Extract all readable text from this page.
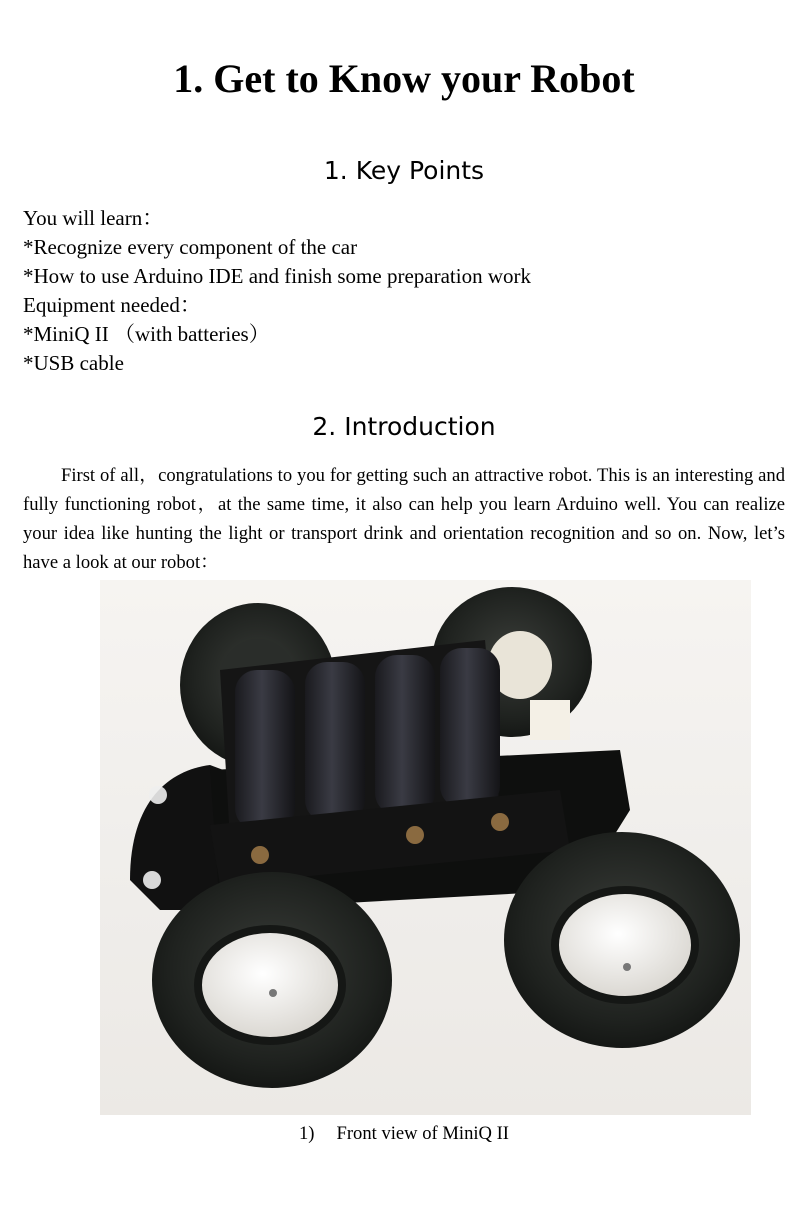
1. Get to Know your Robot
1. Key Points
You will learn：
*Recognize every component of the car
*How to use Arduino IDE and finish some preparation work
Equipment needed：
*MiniQ II （with batteries）
*USB cable
2. Introduction

First of all，congratulations to you for getting such an attractive robot. This is an interesting and fully functioning robot，at the same time, it also can help you learn Arduino well. You can realize your idea like hunting the light or transport drink and orientation recognition and so on. Now, let’s have a look at our robot：

1) Front view of MiniQ II
